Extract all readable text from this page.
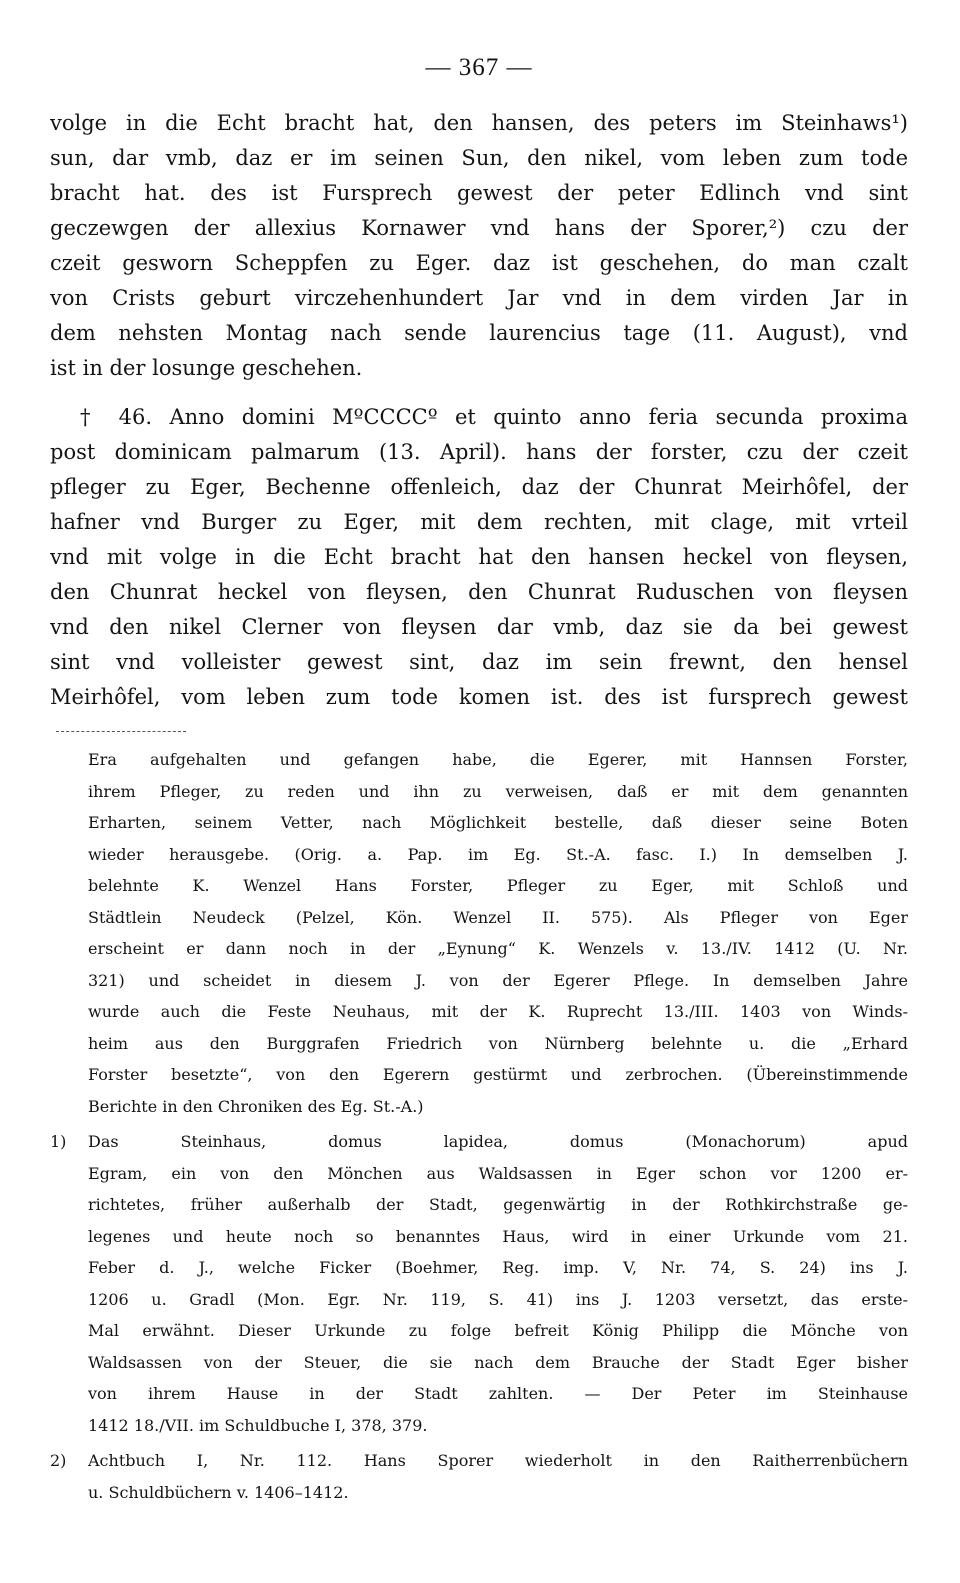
— 367 —
volge in die Echt bracht hat, den hansen, des peters im Steinhaws¹)
sun, dar vmb, daz er im seinen Sun, den nikel, vom leben zum tode
bracht hat. des ist Fursprech gewest der peter Edlinch vnd sint
geczewgen der allexius Kornawer vnd hans der Sporer,²) czu der
czeit gesworn Scheppfen zu Eger. daz ist geschehen, do man czalt
von Crists geburt virczehenhundert Jar vnd in dem virden Jar in
dem nehsten Montag nach sende laurencius tage (11. August), vnd
ist in der losunge geschehen.
† 46. Anno domini MºCCCCº et quinto anno feria secunda proxima
post dominicam palmarum (13. April). hans der forster, czu der czeit
pfleger zu Eger, Bechenne offenleich, daz der Chunrat Meirhôfel, der
hafner vnd Burger zu Eger, mit dem rechten, mit clage, mit vrteil
vnd mit volge in die Echt bracht hat den hansen heckel von fleysen,
den Chunrat heckel von fleysen, den Chunrat Ruduschen von fleysen
vnd den nikel Clerner von fleysen dar vmb, daz sie da bei gewest
sint vnd volleister gewest sint, daz im sein frewnt, den hensel
Meirhôfel, vom leben zum tode komen ist. des ist fursprech gewest
Era aufgehalten und gefangen habe, die Egerer, mit Hannsen Forster,
ihrem Pfleger, zu reden und ihn zu verweisen, daß er mit dem genannten
Erharten, seinem Vetter, nach Möglichkeit bestelle, daß dieser seine Boten
wieder herausgebe. (Orig. a. Pap. im Eg. St.-A. fasc. I.) In demselben J.
belehnte K. Wenzel Hans Forster, Pfleger zu Eger, mit Schloß und
Städtlein Neudeck (Pelzel, Kön. Wenzel II. 575). Als Pfleger von Eger
erscheint er dann noch in der „Eynung“ K. Wenzels v. 13./IV. 1412 (U. Nr.
321) und scheidet in diesem J. von der Egerer Pflege. In demselben Jahre
wurde auch die Feste Neuhaus, mit der K. Ruprecht 13./III. 1403 von Winds-
heim aus den Burggrafen Friedrich von Nürnberg belehnte u. die „Erhard
Forster besetzte“, von den Egerern gestürmt und zerbrochen. (Übereinstimmende
Berichte in den Chroniken des Eg. St.-A.)
1)	Das Steinhaus, domus lapidea, domus (Monachorum) apud
Egram, ein von den Mönchen aus Waldsassen in Eger schon vor 1200 er-
richtetes, früher außerhalb der Stadt, gegenwärtig in der Rothkirchstraße ge-
legenes und heute noch so benanntes Haus, wird in einer Urkunde vom 21.
Feber d. J., welche Ficker (Boehmer, Reg. imp. V, Nr. 74, S. 24) ins J.
1206 u. Gradl (Mon. Egr. Nr. 119, S. 41) ins J. 1203 versetzt, das erste-
Mal erwähnt. Dieser Urkunde zu folge befreit König Philipp die Mönche von
Waldsassen von der Steuer, die sie nach dem Brauche der Stadt Eger bisher
von ihrem Hause in der Stadt zahlten. — Der Peter im Steinhause
1412 18./VII. im Schuldbuche I, 378, 379.
2)	Achtbuch I, Nr. 112. Hans Sporer wiederholt in den Raitherrenbüchern
u. Schuldbüchern v. 1406–1412.
